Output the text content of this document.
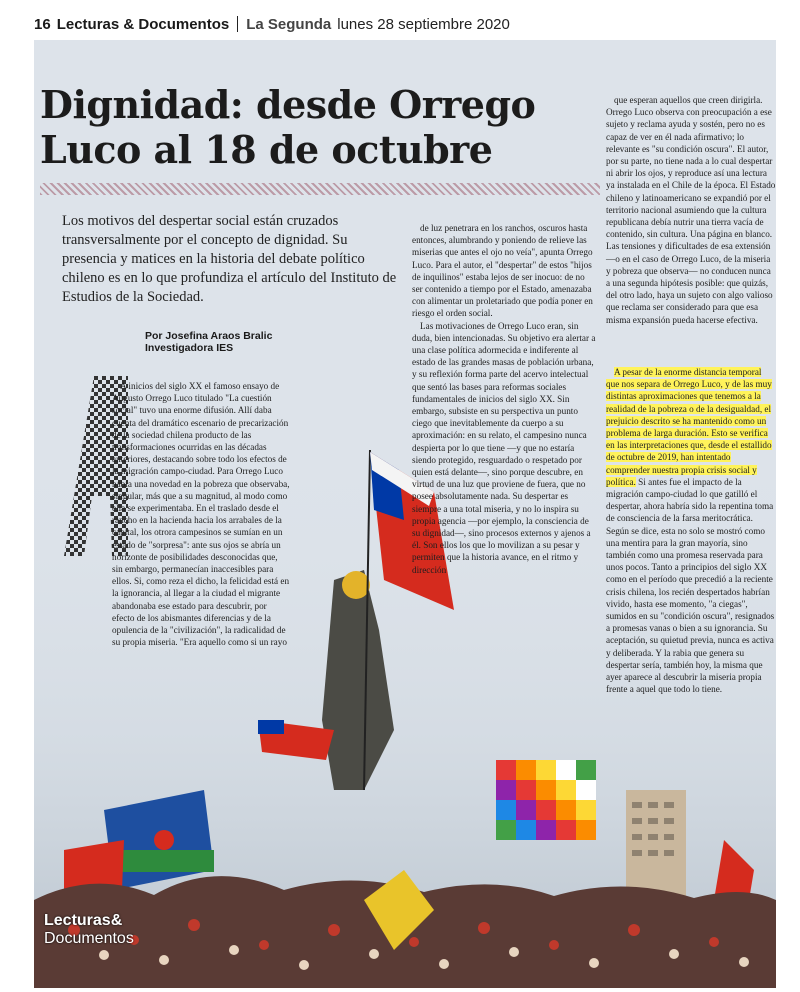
16 Lecturas & Documentos La Segunda lunes 28 septiembre 2020
Dignidad: desde Orrego
Luco al 18 de octubre

Los motivos del despertar social están cruzados transversalmente por el concepto de dignidad. Su presencia y matices en la historia del debate político chileno es en lo que profundiza el artículo del Instituto de Estudios de la Sociedad.

Por Josefina Araos Bralic
Investigadora IES

A inicios del siglo XX el famoso ensayo de Augusto Orrego Luco titulado "La cuestión social" tuvo una enorme difusión. Allí daba cuenta del dramático escenario de precarización de la sociedad chilena producto de las transformaciones ocurridas en las décadas anteriores, destacando sobre todo los efectos de la migración campo-ciudad. Para Orrego Luco había una novedad en la pobreza que observaba, singular, más que a su magnitud, al modo como ella se experimentaba. En el traslado desde el rancho en la hacienda hacia los arrabales de la capital, los otrora campesinos se sumían en un estado de "sorpresa": ante sus ojos se abría un horizonte de posibilidades desconocidas que, sin embargo, permanecían inaccesibles para ellos. Si, como reza el dicho, la felicidad está en la ignorancia, al llegar a la ciudad el migrante abandonaba ese estado para descubrir, por efecto de los abismantes diferencias y de la opulencia de la "civilización", la radicalidad de su propia miseria. "Era aquello como si un rayo

de luz penetrara en los ranchos, oscuros hasta entonces, alumbrando y poniendo de relieve las miserias que antes el ojo no veía", apunta Orrego Luco. Para el autor, el "despertar" de estos "hijos de inquilinos" estaba lejos de ser inocuo: de no ser contenido a tiempo por el Estado, amenazaba con alimentar un proletariado que podía poner en riesgo el orden social.

Las motivaciones de Orrego Luco eran, sin duda, bien intencionadas. Su objetivo era alertar a una clase política adormecida e indiferente al estado de las grandes masas de población urbana, y su reflexión forma parte del acervo intelectual que sentó las bases para reformas sociales fundamentales de inicios del siglo XX. Sin embargo, subsiste en su perspectiva un punto ciego que inevitablemente da cuerpo a su aproximación: en su relato, el campesino nunca despierta por lo que tiene —y que no estaría siendo protegido, resguardado o respetado por quien está delante—, sino porque descubre, en virtud de una luz que proviene de fuera, que no posee absolutamente nada. Su despertar es siempre a una total miseria, y no lo inspira su propia agencia —por ejemplo, la consciencia de su dignidad—, sino procesos externos y ajenos a él. Son ellos los que lo movilizan a su pesar y permiten que la historia avance, en el ritmo y dirección

que esperan aquellos que creen dirigirla. Orrego Luco observa con preocupación a ese sujeto y reclama ayuda y sostén, pero no es capaz de ver en él nada afirmativo; lo relevante es "su condición oscura". El autor, por su parte, no tiene nada a lo cual despertar ni abrir los ojos, y reproduce así una lectura ya instalada en el Chile de la época. El Estado chileno y latinoamericano se expandió por el territorio nacional asumiendo que la cultura republicana debía nutrir una tierra vacía de contenido, sin cultura. Una página en blanco. Las tensiones y dificultades de esa extensión —o en el caso de Orrego Luco, de la miseria y pobreza que observa— no conducen nunca a una segunda hipótesis posible: que quizás, del otro lado, haya un sujeto con algo valioso que reclama ser considerado para que esa misma expansión pueda hacerse efectiva.

A pesar de la enorme distancia temporal que nos separa de Orrego Luco, y de las muy distintas aproximaciones que tenemos a la realidad de la pobreza o de la desigualdad, el prejuicio descrito se ha mantenido como un problema de larga duración. Esto se verifica en las interpretaciones que, desde el estallido de octubre de 2019, han intentado comprender nuestra propia crisis social y política. Si antes fue el impacto de la migración campo-ciudad lo que gatilló el despertar, ahora habría sido la repentina toma de consciencia de la farsa meritocrática. Según se dice, esta no solo se mostró como una mentira para la gran mayoría, sino también como una promesa reservada para unos pocos. Tanto a principios del siglo XX como en el período que precedió a la reciente crisis chilena, los recién despertados habrían vivido, hasta ese momento, "a ciegas", sumidos en su "condición oscura", resignados a promesas vanas o bien a su ignorancia. Su aceptación, su quietud previa, nunca es activa y deliberada. Y la rabia que genera su despertar sería, también hoy, la misma que ayer aparece al descubrir la miseria propia frente a aquel que todo lo tiene.

Lecturas&
Documentos
